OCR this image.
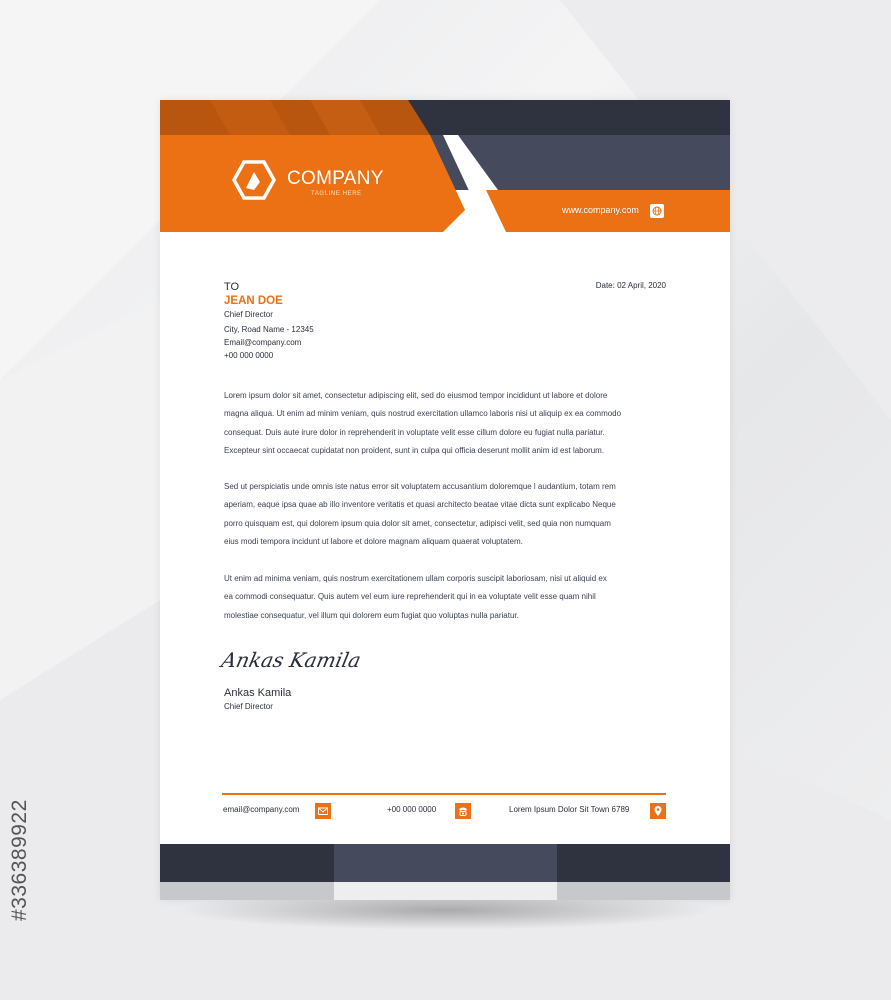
#336389922
COMPANY
TAGLINE HERE
www.company.com
TO
JEAN DOE
Chief Director
City, Road Name - 12345
Email@company.com
+00 000 0000
Date: 02 April, 2020

Lorem ipsum dolor sit amet, consectetur adipiscing elit, sed do eiusmod tempor incididunt ut labore et dolore
magna aliqua. Ut enim ad minim veniam, quis nostrud exercitation ullamco laboris nisi ut aliquip ex ea commodo
consequat. Duis aute irure dolor in reprehenderit in voluptate velit esse cillum dolore eu fugiat nulla pariatur.
Excepteur sint occaecat cupidatat non proident, sunt in culpa qui officia deserunt mollit anim id est laborum.

Sed ut perspiciatis unde omnis iste natus error sit voluptatem accusantium doloremque l audantium, totam rem
aperiam, eaque ipsa quae ab illo inventore veritatis et quasi architecto beatae vitae dicta sunt explicabo Neque
porro quisquam est, qui dolorem ipsum quia dolor sit amet, consectetur, adipisci velit, sed quia non numquam
eius modi tempora incidunt ut labore et dolore magnam aliquam quaerat voluptatem.

Ut enim ad minima veniam, quis nostrum exercitationem ullam corporis suscipit laboriosam, nisi ut aliquid ex
ea commodi consequatur. Quis autem vel eum iure reprehenderit qui in ea voluptate velit esse quam nihil
molestiae consequatur, vel illum qui dolorem eum fugiat quo voluptas nulla pariatur.

Ankas Kamila
Ankas Kamila
Chief Director
email@company.com	+00 000 0000	Lorem Ipsum Dolor Sit Town 6789
